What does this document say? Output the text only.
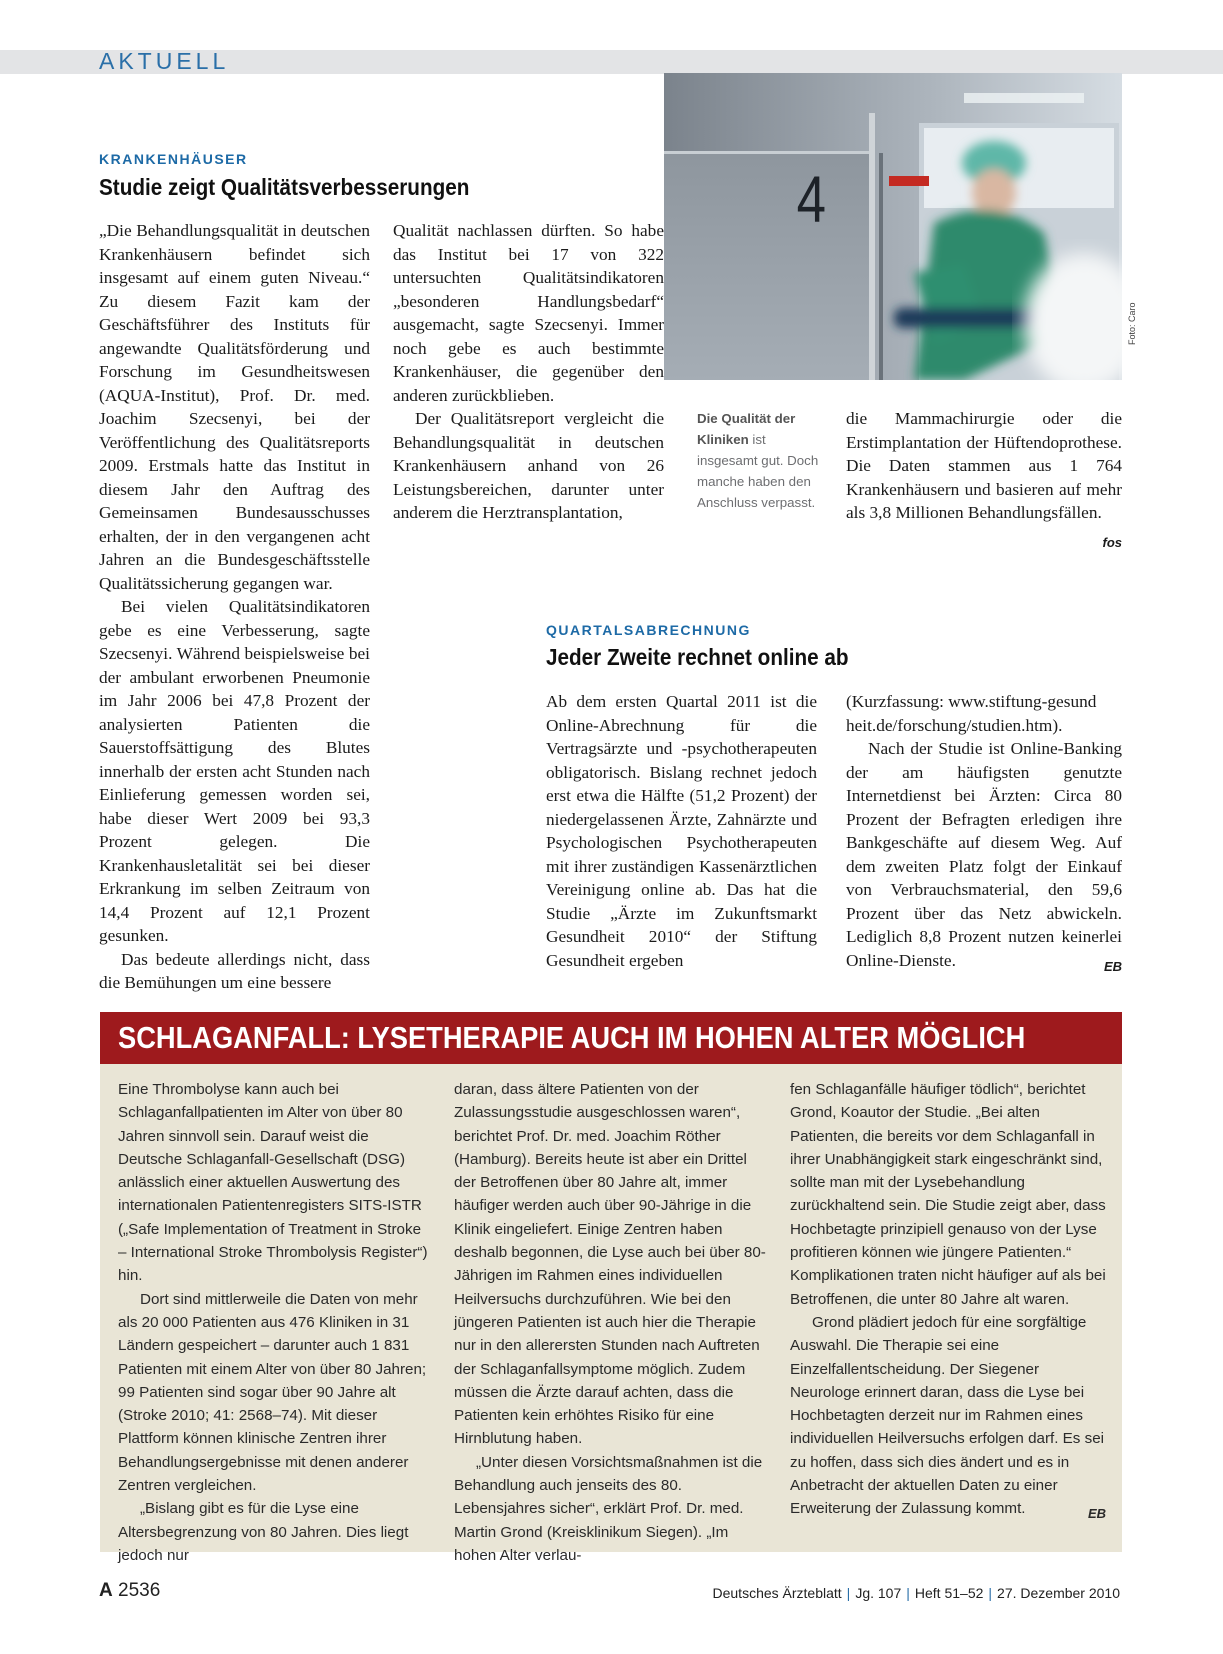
AKTUELL
KRANKENHÄUSER
Studie zeigt Qualitätsverbesserungen

„Die Behandlungsqualität in deutschen Krankenhäusern befindet sich insgesamt auf einem guten Niveau.“ Zu diesem Fazit kam der Geschäftsführer des Instituts für angewandte Qualitätsförderung und Forschung im Gesundheitswesen (AQUA-Institut), Prof. Dr. med. Joachim Szecsenyi, bei der Veröffentlichung des Qualitätsreports 2009. Erstmals hatte das Institut in diesem Jahr den Auftrag des Gemeinsamen Bundesausschusses erhalten, der in den vergangenen acht Jahren an die Bundesgeschäftsstelle Qualitätssicherung gegangen war.

Bei vielen Qualitätsindikatoren gebe es eine Verbesserung, sagte Szecsenyi. Während beispielsweise bei der ambulant erworbenen Pneumonie im Jahr 2006 bei 47,8 Prozent der analysierten Patienten die Sauerstoffsättigung des Blutes innerhalb der ersten acht Stunden nach Einlieferung gemessen worden sei, habe dieser Wert 2009 bei 93,3 Prozent gelegen. Die Krankenhausletalität sei bei dieser Erkrankung im selben Zeitraum von 14,4 Prozent auf 12,1 Prozent gesunken.

Das bedeute allerdings nicht, dass die Bemühungen um eine bessere

Qualität nachlassen dürften. So habe das Institut bei 17 von 322 untersuchten Qualitätsindikatoren „besonderen Handlungsbedarf“ ausgemacht, sagte Szecsenyi. Immer noch gebe es auch bestimmte Krankenhäuser, die gegenüber den anderen zurückblieben.

Der Qualitätsreport vergleicht die Behandlungsqualität in deutschen Krankenhäusern anhand von 26 Leistungsbereichen, darunter unter anderem die Herztransplantation,

4
Foto: Caro
Die Qualität der Kliniken ist insgesamt gut. Doch manche haben den Anschluss verpasst.

die Mammachirurgie oder die Erstimplantation der Hüftendoprothese. Die Daten stammen aus 1 764 Krankenhäusern und basieren auf mehr als 3,8 Millionen Behandlungsfällen.
fos

QUARTALSABRECHNUNG
Jeder Zweite rechnet online ab

Ab dem ersten Quartal 2011 ist die Online-Abrechnung für die Vertragsärzte und -psychotherapeuten obligatorisch. Bislang rechnet jedoch erst etwa die Hälfte (51,2 Prozent) der niedergelassenen Ärzte, Zahnärzte und Psychologischen Psychotherapeuten mit ihrer zuständigen Kassenärztlichen Vereinigung online ab. Das hat die Studie „Ärzte im Zukunftsmarkt Gesundheit 2010“ der Stiftung Gesundheit ergeben

(Kurzfassung: www.stiftung-gesund heit.de/forschung/studien.htm).

Nach der Studie ist Online-Banking der am häufigsten genutzte Internetdienst bei Ärzten: Circa 80 Prozent der Befragten erledigen ihre Bankgeschäfte auf diesem Weg. Auf dem zweiten Platz folgt der Einkauf von Verbrauchsmaterial, den 59,6 Prozent über das Netz abwickeln. Lediglich 8,8 Prozent nutzen keinerlei Online-Dienste.	EB

SCHLAGANFALL: LYSETHERAPIE AUCH IM HOHEN ALTER MÖGLICH

Eine Thrombolyse kann auch bei Schlaganfallpatienten im Alter von über 80 Jahren sinnvoll sein. Darauf weist die Deutsche Schlaganfall-Gesellschaft (DSG) anlässlich einer aktuellen Auswertung des internationalen Patientenregisters SITS-ISTR („Safe Implementation of Treatment in Stroke – International Stroke Thrombolysis Register“) hin.

Dort sind mittlerweile die Daten von mehr als 20 000 Patienten aus 476 Kliniken in 31 Ländern gespeichert – darunter auch 1 831 Patienten mit einem Alter von über 80 Jahren; 99 Patienten sind sogar über 90 Jahre alt (Stroke 2010; 41: 2568–74). Mit dieser Plattform können klinische Zentren ihrer Behandlungsergebnisse mit denen anderer Zentren vergleichen.

„Bislang gibt es für die Lyse eine Altersbegrenzung von 80 Jahren. Dies liegt jedoch nur

daran, dass ältere Patienten von der Zulassungsstudie ausgeschlossen waren“, berichtet Prof. Dr. med. Joachim Röther (Hamburg). Bereits heute ist aber ein Drittel der Betroffenen über 80 Jahre alt, immer häufiger werden auch über 90-Jährige in die Klinik eingeliefert. Einige Zentren haben deshalb begonnen, die Lyse auch bei über 80-Jährigen im Rahmen eines individuellen Heilversuchs durchzuführen. Wie bei den jüngeren Patienten ist auch hier die Therapie nur in den allerersten Stunden nach Auftreten der Schlaganfallsymptome möglich. Zudem müssen die Ärzte darauf achten, dass die Patienten kein erhöhtes Risiko für eine Hirnblutung haben.

„Unter diesen Vorsichtsmaßnahmen ist die Behandlung auch jenseits des 80. Lebensjahres sicher“, erklärt Prof. Dr. med. Martin Grond (Kreisklinikum Siegen). „Im hohen Alter verlau-

fen Schlaganfälle häufiger tödlich“, berichtet Grond, Koautor der Studie. „Bei alten Patienten, die bereits vor dem Schlaganfall in ihrer Unabhängigkeit stark eingeschränkt sind, sollte man mit der Lysebehandlung zurückhaltend sein. Die Studie zeigt aber, dass Hochbetagte prinzipiell genauso von der Lyse profitieren können wie jüngere Patienten.“ Komplikationen traten nicht häufiger auf als bei Betroffenen, die unter 80 Jahre alt waren.

Grond plädiert jedoch für eine sorgfältige Auswahl. Die Therapie sei eine Einzelfallentscheidung. Der Siegener Neurologe erinnert daran, dass die Lyse bei Hochbetagten derzeit nur im Rahmen eines individuellen Heilversuchs erfolgen darf. Es sei zu hoffen, dass sich dies ändert und es in Anbetracht der aktuellen Daten zu einer Erweiterung der Zulassung kommt.	EB

A 2536	Deutsches Ärzteblatt | Jg. 107 | Heft 51–52 | 27. Dezember 2010
